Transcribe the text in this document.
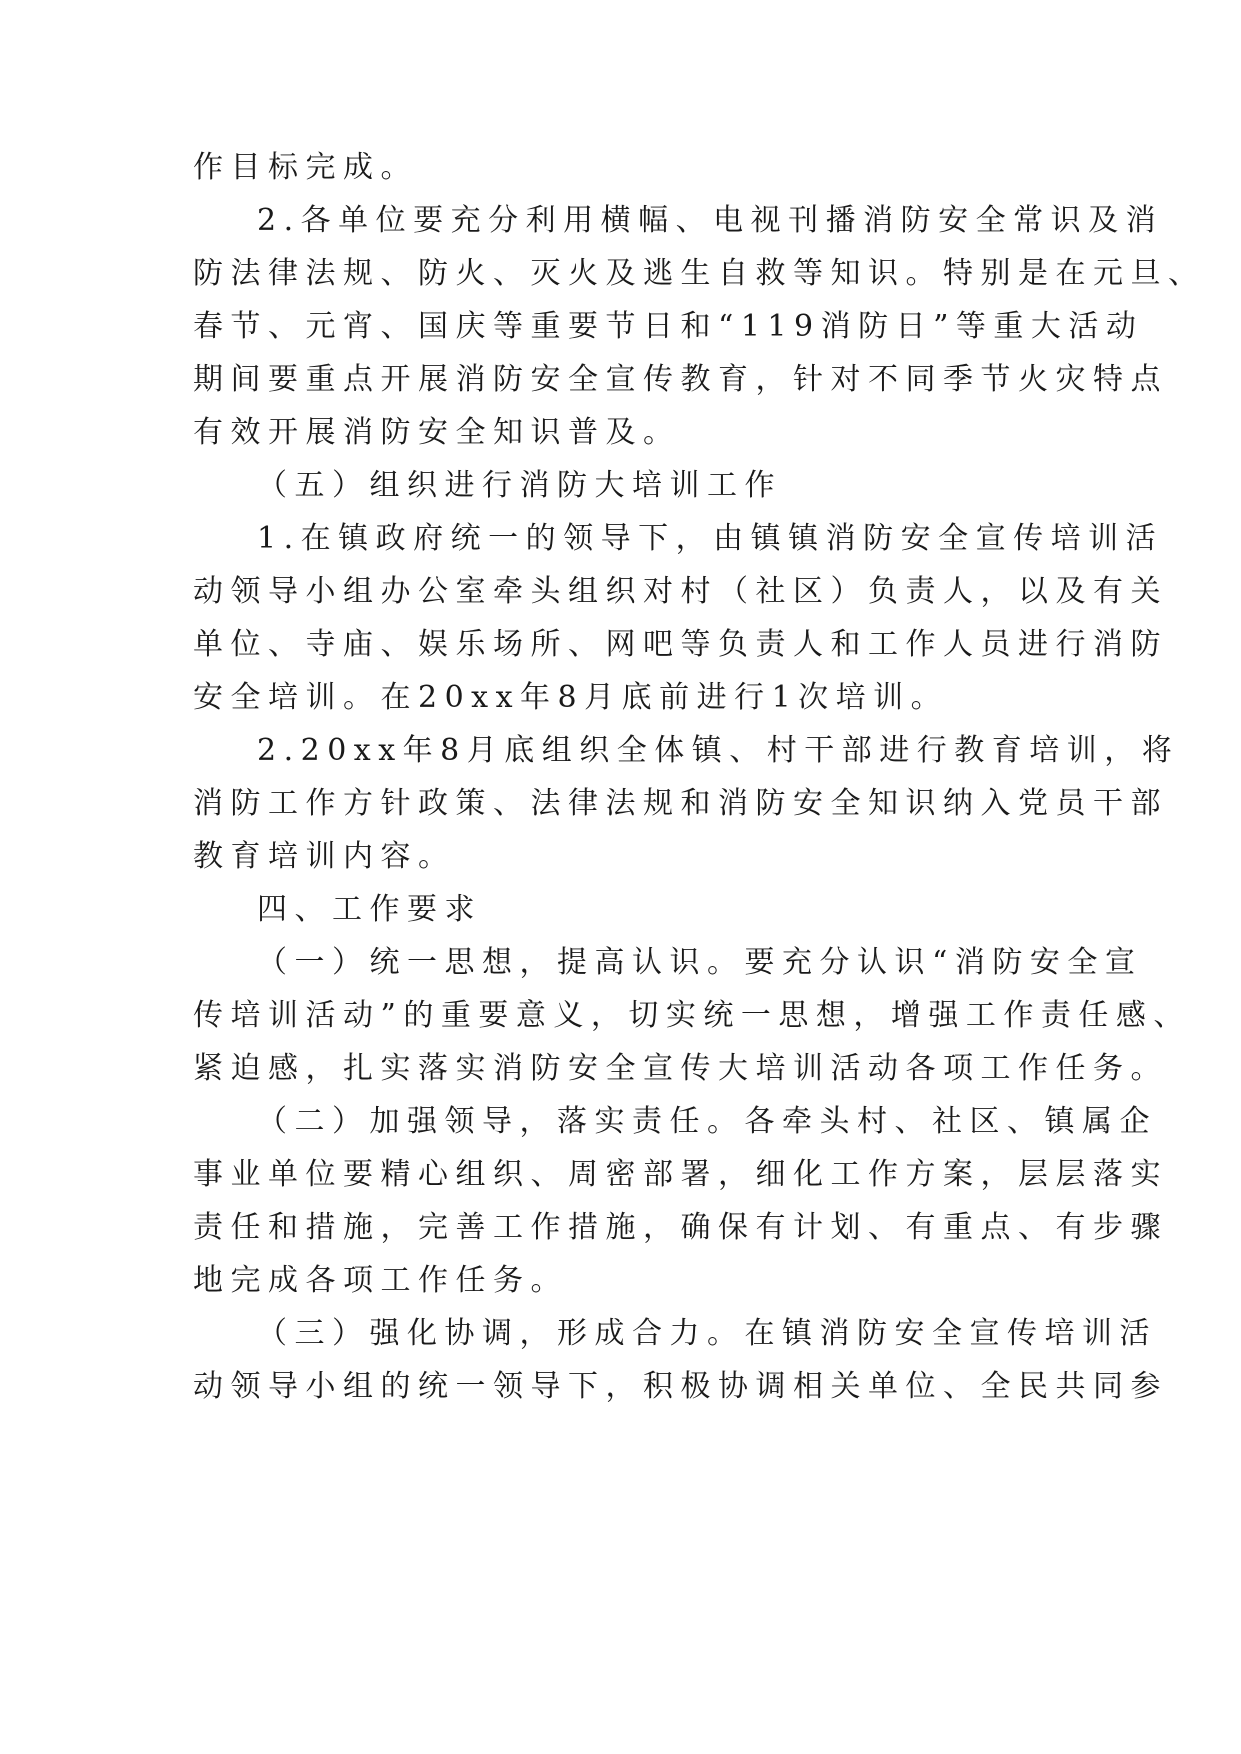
作目标完成。
2.各单位要充分利用横幅、电视刊播消防安全常识及消
防法律法规、防火、灭火及逃生自救等知识。特别是在元旦、
春节、元宵、国庆等重要节日和“119消防日”等重大活动
期间要重点开展消防安全宣传教育，针对不同季节火灾特点
有效开展消防安全知识普及。
（五）组织进行消防大培训工作
1.在镇政府统一的领导下，由镇镇消防安全宣传培训活
动领导小组办公室牵头组织对村（社区）负责人，以及有关
单位、寺庙、娱乐场所、网吧等负责人和工作人员进行消防
安全培训。在20xx年8月底前进行1次培训。
2.20xx年8月底组织全体镇、村干部进行教育培训，将
消防工作方针政策、法律法规和消防安全知识纳入党员干部
教育培训内容。
四、工作要求
（一）统一思想，提高认识。要充分认识“消防安全宣
传培训活动”的重要意义，切实统一思想，增强工作责任感、
紧迫感，扎实落实消防安全宣传大培训活动各项工作任务。
（二）加强领导，落实责任。各牵头村、社区、镇属企
事业单位要精心组织、周密部署，细化工作方案，层层落实
责任和措施，完善工作措施，确保有计划、有重点、有步骤
地完成各项工作任务。
（三）强化协调，形成合力。在镇消防安全宣传培训活
动领导小组的统一领导下，积极协调相关单位、全民共同参
